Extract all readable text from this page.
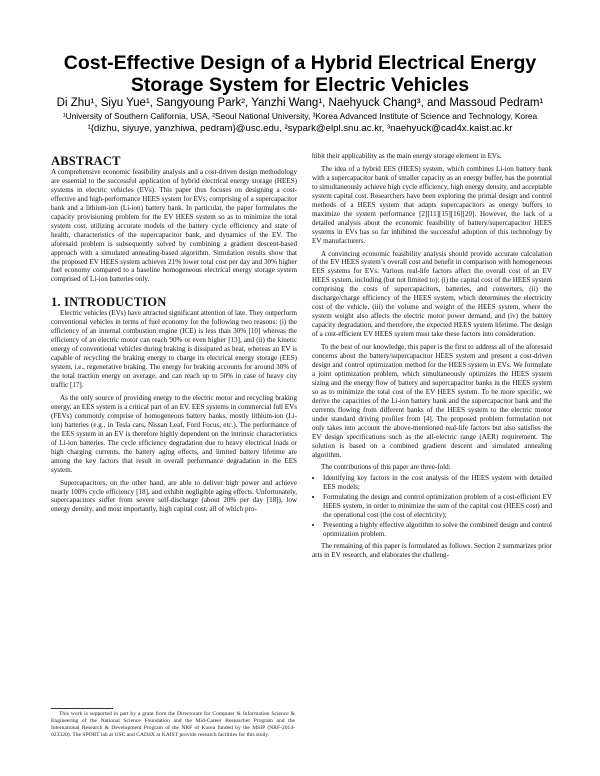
Cost-Effective Design of a Hybrid Electrical Energy
Storage System for Electric Vehicles
Di Zhu¹, Siyu Yue¹, Sangyoung Park², Yanzhi Wang¹, Naehyuck Chang³, and Massoud Pedram¹
¹University of Southern California, USA, ²Seoul National University, ³Korea Advanced Institute of Science and Technology, Korea
¹{dizhu, siyuye, yanzhiwa, pedram}@usc.edu, ²sypark@elpl.snu.ac.kr, ³naehyuck@cad4x.kaist.ac.kr
ABSTRACT

A comprehensive economic feasibility analysis and a cost-driven design methodology are essential to the successful application of hybrid electrical energy storage (HEES) systems in electric vehicles (EVs). This paper thus focuses on designing a cost-effective and high-performance HEES system for EVs, comprising of a supercapacitor bank and a lithium-ion (Li-ion) battery bank. In particular, the paper formulates the capacity provisioning problem for the EV HEES system so as to minimize the total system cost, utilizing accurate models of the battery cycle efficiency and state of health, characteristics of the supercapacitor bank, and dynamics of the EV. The aforesaid problem is subsequently solved by combining a gradient descent-based approach with a simulated annealing-based algorithm. Simulation results show that the proposed EV HEES system achieves 21% lower total cost per day and 30% higher fuel economy compared to a baseline homogeneous electrical energy storage system comprised of Li-ion batteries only.

1. INTRODUCTION

Electric vehicles (EVs) have attracted significant attention of late. They outperform conventional vehicles in terms of fuel economy for the following two reasons: (i) the efficiency of an internal combustion engine (ICE) is less than 30% [10] whereas the efficiency of an electric motor can reach 90% or even higher [13], and (ii) the kinetic energy of conventional vehicles during braking is dissipated as heat, whereas an EV is capable of recycling the braking energy to charge its electrical energy storage (EES) system, i.e., regenerative braking. The energy for braking accounts for around 30% of the total traction energy on average, and can reach up to 50% in case of heavy city traffic [17].

As the only source of providing energy to the electric motor and recycling braking energy, an EES system is a critical part of an EV. EES systems in commercial full EVs (FEVs) commonly comprise of homogeneous battery banks, mostly lithium-ion (Li-ion) batteries (e.g., in Tesla cars, Nissan Leaf, Ford Focus, etc.). The performance of the EES system in an EV is therefore highly dependent on the intrinsic characteristics of Li-ion batteries. The cycle efficiency degradation due to heavy electrical loads or high charging currents, the battery aging effects, and limited battery lifetime are among the key factors that result in overall performance degradation in the EES system.

Supercapacitors, on the other hand, are able to deliver high power and achieve nearly 100% cycle efficiency [18], and exhibit negligible aging effects. Unfortunately, supercapacitors suffer from severe self-discharge (about 20% per day [18]), low energy density, and most importantly, high capital cost, all of which pro-

hibit their applicability as the main energy storage element in EVs.

The idea of a hybrid EES (HEES) system, which combines Li-ion battery bank with a supercapacitor bank of smaller capacity as an energy buffer, has the potential to simultaneously achieve high cycle efficiency, high energy density, and acceptable system capital cost. Researchers have been exploring the primal design and control methods of a HEES system that adapts supercapacitors as energy buffers to maximize the system performance [2][11][15][16][20]. However, the lack of a detailed analysis about the economic feasibility of battery/supercapacitor HEES systems in EVs has so far inhibited the successful adoption of this technology by EV manufacturers.

A convincing economic feasibility analysis should provide accurate calculation of the EV HEES system’s overall cost and benefit in comparison with homogeneous EES systems for EVs. Various real-life factors affect the overall cost of an EV HEES system, including (but not limited to): (i) the capital cost of the HEES system comprising the costs of supercapacitors, batteries, and converters, (ii) the discharge/charge efficiency of the HEES system, which determines the electricity cost of the vehicle, (iii) the volume and weight of the HEES system, where the system weight also affects the electric motor power demand, and (iv) the battery capacity degradation, and therefore, the expected HEES system lifetime. The design of a cost-efficient EV HEES system must take these factors into consideration.

To the best of our knowledge, this paper is the first to address all of the aforesaid concerns about the battery/supercapacitor HEES system and present a cost-driven design and control optimization method for the HEES system in EVs. We formulate a joint optimization problem, which simultaneously optimizes the HEES system sizing and the energy flow of battery and supercapacitor banks in the HEES system so as to minimize the total cost of the EV HEES system. To be more specific, we derive the capacities of the Li-ion battery bank and the supercapacitor bank and the currents flowing from different banks of the HEES system to the electric motor under standard driving profiles from [4]. The proposed problem formulation not only takes into account the above-mentioned real-life factors but also satisfies the EV design specifications such as the all-electric range (AER) requirement. The solution is based on a combined gradient descent and simulated annealing algorithm.

The contributions of this paper are three-fold:

• Identifying key factors in the cost analysis of the HEES system with detailed EES models;
• Formulating the design and control optimization problem of a cost-efficient EV HEES system, in order to minimize the sum of the capital cost (HEES cost) and the operational cost (the cost of electricity);
• Presenting a highly effective algorithm to solve the combined design and control optimization problem.

The remaining of this paper is formulated as follows. Section 2 summarizes prior arts in EV research, and elaborates the challeng-

This work is supported in part by a grant from the Directorate for Computer & Information Science & Engineering of the National Science Foundation and the Mid-Career Researcher Program and the International Research & Development Program of the NRF of Korea funded by the MSIP (NRF-2014-023320). The SPORT lab at USC and CAD4X at KAIST provide research facilities for this study.
